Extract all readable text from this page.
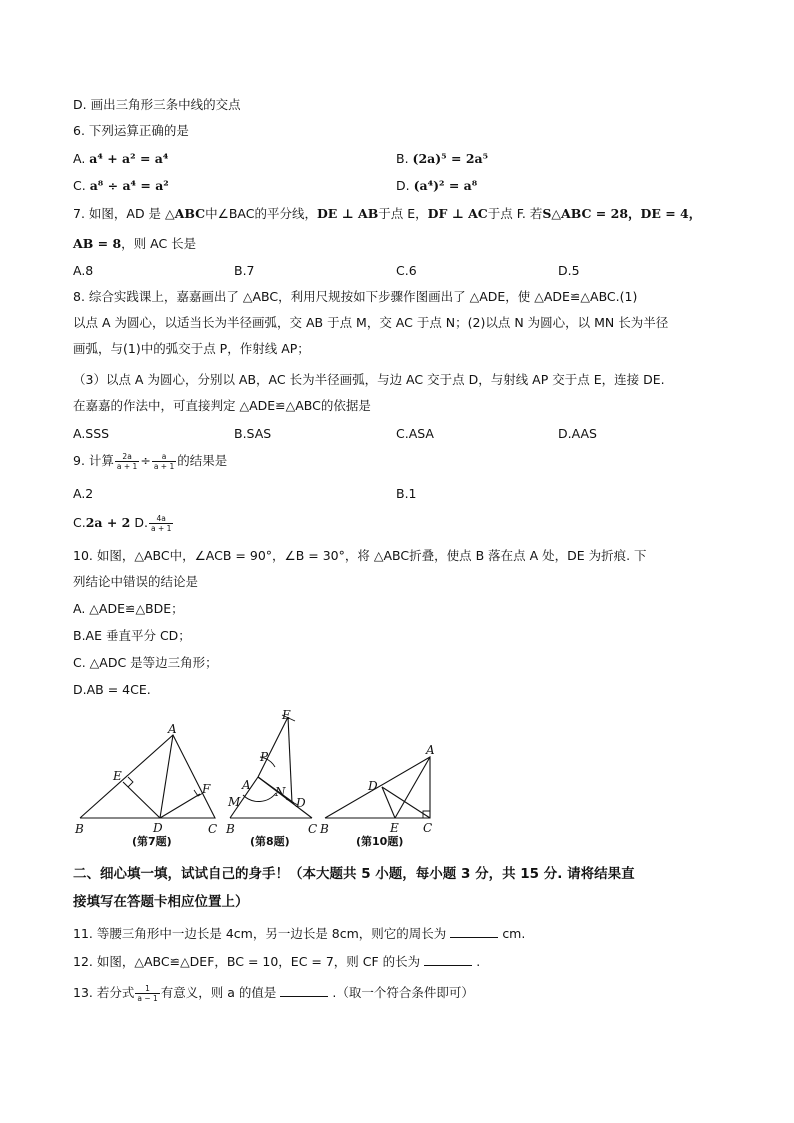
D. 画出三角形三条中线的交点
6. 下列运算正确的是
A. a⁴ + a² = a⁴	B. (2a)⁵ = 2a⁵
C. a⁸ ÷ a⁴ = a²	D. (a⁴)² = a⁸
7. 如图，AD 是 △ABC中∠BAC的平分线，DE ⊥ AB于点 E，DF ⊥ AC于点 F. 若S△ABC = 28，DE = 4，
AB = 8，则 AC 长是
A.8	B.7	C.6	D.5
8. 综合实践课上，嘉嘉画出了 △ABC，利用尺规按如下步骤作图画出了 △ADE，使 △ADE≌△ABC.(1)
以点 A 为圆心，以适当长为半径画弧，交 AB 于点 M，交 AC 于点 N；(2)以点 N 为圆心，以 MN 长为半径
画弧，与(1)中的弧交于点 P，作射线 AP；
（3）以点 A 为圆心，分别以 AB，AC 长为半径画弧，与边 AC 交于点 D，与射线 AP 交于点 E，连接 DE.
在嘉嘉的作法中，可直接判定 △ADE≌△ABC的依据是
A.SSS	B.SAS	C.ASA	D.AAS
9. 计算 $\frac{2a}{a + 1} \div \frac{a}{a + 1}$ 的结果是
A.2	B.1
C.2a + 2 D. $\frac{4a}{a + 1}$
10. 如图，△ABC中，∠ACB = 90°，∠B = 30°，将 △ABC折叠，使点 B 落在点 A 处，DE 为折痕. 下
列结论中错误的结论是
A. △ADE≌△BDE；
B.AE 垂直平分 CD；
C. △ADC 是等边三角形；
D.AB = 4CE.
A
B	C
D
E
F
(第7题)
E
P
A
M
N
D
B	C
(第8题)
A
D
B	E C
(第10题)
二、细心填一填，试试自己的身手！（本大题共 5 小题，每小题 3 分，共 15 分. 请将结果直
接填写在答题卡相应位置上）
11. 等腰三角形中一边长是 4cm，另一边长是 8cm，则它的周长为	cm.
12. 如图，△ABC≌△DEF，BC = 10，EC = 7，则 CF 的长为	.
13. 若分式 $\frac{1}{a - 1}$ 有意义，则 a 的值是	.（取一个符合条件即可）
